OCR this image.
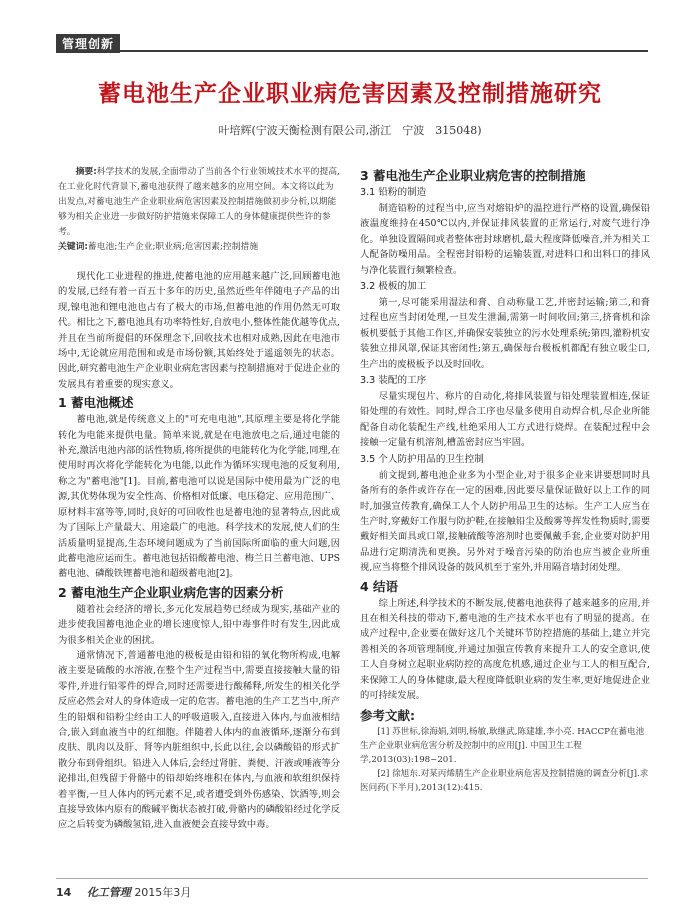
管理创新
蓄电池生产企业职业病危害因素及控制措施研究
叶培辉(宁波天衡检测有限公司,浙江　宁波　315048)
摘要:科学技术的发展,全面带动了当前各个行业领域技术水平的提高,在工业化时代背景下,蓄电池获得了越来越多的应用空间。本文将以此为出发点,对蓄电池生产企业职业病危害因素及控制措施做初步分析,以期能够为相关企业进一步做好防护措施来保障工人的身体健康提供些许的参考。
关键词:蓄电池;生产企业;职业病;危害因素;控制措施

现代化工业进程的推进,使蓄电池的应用越来越广泛,回顾蓄电池的发展,已经有着一百五十多年的历史,虽然近些年伴随电子产品的出现,镍电池和锂电池也占有了极大的市场,但蓄电池的作用仍然无可取代。相比之下,蓄电池具有功率特性好,自放电小,整体性能优越等优点,并且在当前所提倡的环保理念下,回收技术也相对成熟,因此在电池市场中,无论就应用范围和或是市场份额,其始终处于遥遥领先的状态。因此,研究蓄电池生产企业职业病危害因素与控制措施对于促进企业的发展具有着重要的现实意义。

1 蓄电池概述

蓄电池,就是传统意义上的"可充电电池",其原理主要是将化学能转化为电能来提供电量。简单来说,就是在电池放电之后,通过电能的补充,激活电池内部的活性物质,将所提供的电能转化为化学能,同理,在使用时再次将化学能转化为电能,以此作为循环实现电池的反复利用,称之为"蓄电池"[1]。目前,蓄电池可以说是国际中使用最为广泛的电源,其优势体现为安全性高、价格相对低廉、电压稳定、应用范围广、原材料丰富等等,同时,良好的可回收性也是蓄电池的显著特点,因此成为了国际上产量最大、用途最广的电池。科学技术的发展,使人们的生活质量明显提高,生态环境问题成为了当前国际所面临的重大问题,因此蓄电池应运而生。蓄电池包括铅酸蓄电池、梅兰日兰蓄电池、UPS蓄电池、磷酸铁锂蓄电池和超级蓄电池[2]。

2 蓄电池生产企业职业病危害的因素分析

随着社会经济的增长,多元化发展趋势已经成为现实,基础产业的进步使我国蓄电池企业的增长速度惊人,铅中毒事件时有发生,因此成为很多相关企业的困扰。

通常情况下,普通蓄电池的极板是由铅和铅的氧化物所构成,电解液主要是硫酸的水溶液,在整个生产过程当中,需要直接接触大量的铅零件,并进行铅零件的焊合,同时还需要进行酸稀释,所发生的相关化学反应必然会对人的身体造成一定的危害。蓄电池的生产工艺当中,所产生的铅烟和铅粉尘经由工人的呼吸道吸入,直接进入体内,与血液相结合,嵌入到血液当中的红细胞。伴随着人体内的血液循环,逐渐分布到皮肤、肌肉以及肝、肾等内脏组织中,长此以往,会以磷酸铅的形式扩散分布到骨组织。铅进入人体后,会经过肾脏、粪便、汗液或唾液等分泌排出,但残留于骨骼中的铅却始终堆积在体内,与血液和软组织保持着平衡,一旦人体内的钙元素不足,或者遭受到外伤感染、饮酒等,则会直接导致体内原有的酸碱平衡状态被打破,骨骼内的磷酸铅经过化学反应之后转变为磷酸氢铅,进入血液便会直接导致中毒。

3 蓄电池生产企业职业病危害的控制措施
3.1 铅粉的制造

制造铅粉的过程当中,应当对熔铅炉的温控进行严格的设置,确保铅液温度维持在450℃以内,并保证排风装置的正常运行,对废气进行净化。单独设置隔间或者整体密封球磨机,最大程度降低噪音,并为相关工人配备防噪用品。全程密封铅粉的运输装置,对进料口和出料口的排风与净化装置行频繁检查。

3.2 极板的加工

第一,尽可能采用湿法和膏、自动称量工艺,并密封运输;第二,和膏过程也应当封闭处理,一旦发生泄漏,需第一时间收回;第三,挤膏机和涂板机要低于其他工作区,并确保安装独立的污水处理系统;第四,灌粉机安装独立排风罩,保证其密闭性;第五,确保每台极板机都配有独立吸尘口,生产出的废极板予以及时回收。

3.3 装配的工序

尽量实现包片、称片的自动化,将排风装置与铅处理装置相连,保证铅处理的有效性。同时,焊合工序也尽量多使用自动焊合机,尽企业所能配备自动化装配生产线,杜绝采用人工方式进行烧焊。在装配过程中会接触一定量有机溶剂,槽盖密封应当牢固。

3.5 个人防护用品的卫生控制

前文提到,蓄电池企业多为小型企业,对于很多企业来讲要想同时具备所有的条件或许存在一定的困难,因此要尽量保证做好以上工作的同时,加强宣传教育,确保工人个人防护用品卫生的达标。生产工人应当在生产时,穿戴好工作服与防护鞋,在接触铅尘及酸雾等挥发性物质时,需要戴好相关面具或口罩,接触硫酸等溶剂时也要佩戴手套,企业要对防护用品进行定期清洗和更换。另外对于噪音污染的防治也应当被企业所重视,应当将整个排风设备的鼓风机至于室外,并用隔音墙封闭处理。

4 结语

综上所述,科学技术的不断发展,使蓄电池获得了越来越多的应用,并且在相关科技的带动下,蓄电池的生产技术水平也有了明显的提高。在成产过程中,企业要在做好这几个关键环节防控措施的基础上,建立并完善相关的各项管理制度,并通过加强宣传教育来提升工人的安全意识,使工人自身树立起职业病防控的高度危机感,通过企业与工人的相互配合,来保障工人的身体健康,最大程度降低职业病的发生率,更好地促进企业的可持续发展。

参考文献:
[1] 苏世标,徐海娟,刘明,杨敏,耿继武,陈建雄,李小亮. HACCP在蓄电池生产企业职业病危害分析及控制中的应用[J]. 中国卫生工程学,2013(03):198~201.
[2] 徐旭东.对某丙烯腈生产企业职业病危害及控制措施的调查分析[J].求医问药(下半月),2013(12):415.
14 化工管理 2015年3月
